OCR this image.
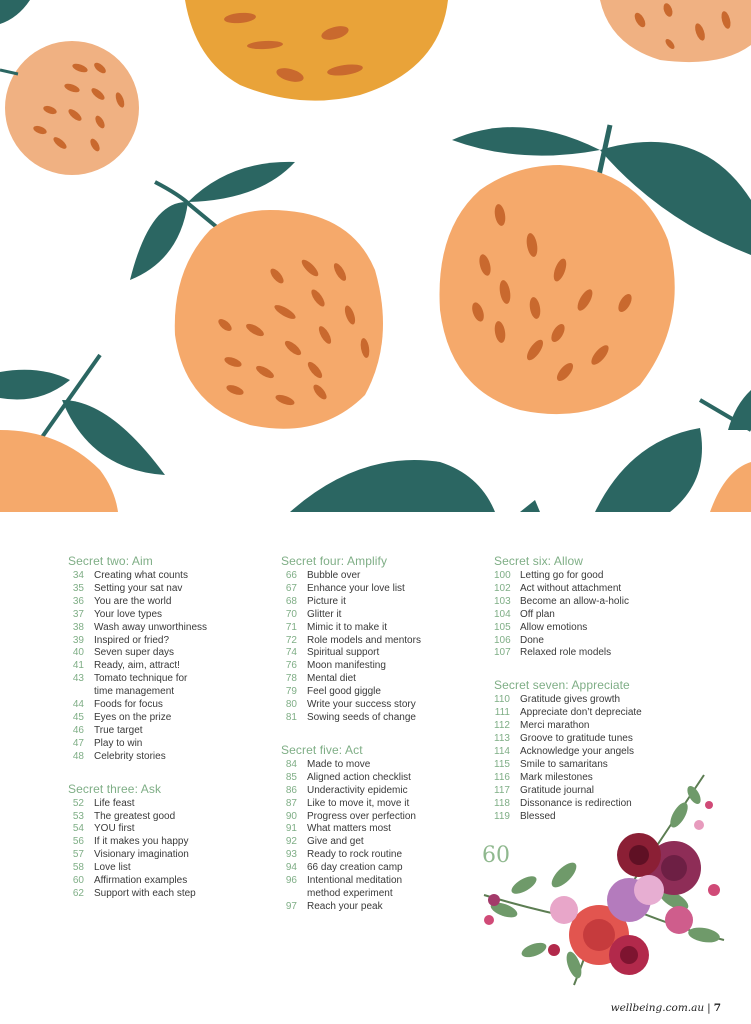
Secret two: Aim
34 Creating what counts
35 Setting your sat nav
36 You are the world
37 Your love types
38 Wash away unworthiness
39 Inspired or fried?
40 Seven super days
41 Ready, aim, attract!
43 Tomato technique for
time management
44 Foods for focus
45 Eyes on the prize
46 True target
47 Play to win
48 Celebrity stories
Secret three: Ask
52 Life feast
53 The greatest good
54 YOU first
56 If it makes you happy
57 Visionary imagination
58 Love list
60 Affirmation examples
62 Support with each step
Secret four: Amplify
66 Bubble over
67 Enhance your love list
68 Picture it
70 Glitter it
71 Mimic it to make it
72 Role models and mentors
74 Spiritual support
76 Moon manifesting
78 Mental diet
79 Feel good giggle
80 Write your success story
81 Sowing seeds of change
Secret five: Act
84 Made to move
85 Aligned action checklist
86 Underactivity epidemic
87 Like to move it, move it
90 Progress over perfection
91 What matters most
92 Give and get
93 Ready to rock routine
94 66 day creation camp
96 Intentional meditation
method experiment
97 Reach your peak
Secret six: Allow
100 Letting go for good
102 Act without attachment
103 Become an allow-a-holic
104 Off plan
105 Allow emotions
106 Done
107 Relaxed role models
Secret seven: Appreciate
110 Gratitude gives growth
111 Appreciate don’t depreciate
112 Merci marathon
113 Groove to gratitude tunes
114 Acknowledge your angels
115 Smile to samaritans
116 Mark milestones
117 Gratitude journal
118 Dissonance is redirection
119 Blessed
60
wellbeing.com.au | 7
